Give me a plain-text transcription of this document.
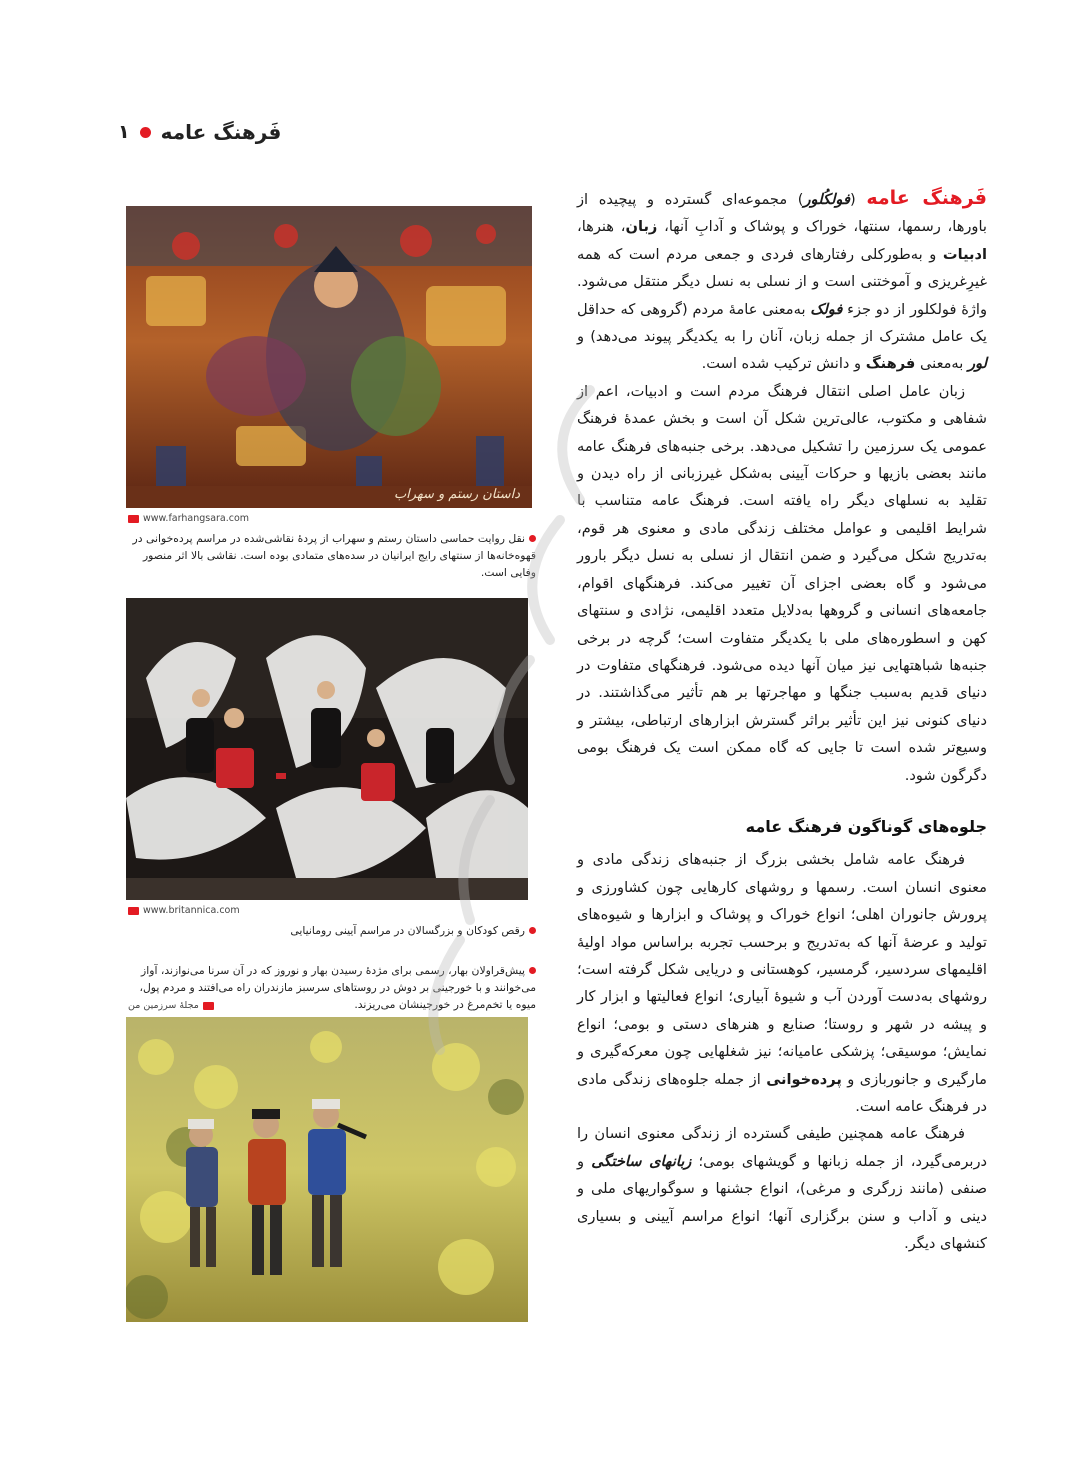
فَرهنگ عامه
۱

فَرهنگ عامه (فولکُلور) مجموعه‌ای گسترده و پیچیده از باورها، رسمها، سنتها، خوراک و پوشاک و آدابِ آنها، زبان، هنرها، ادبیات و به‌طورکلی رفتارهای فردی و جمعی مردم است که همه غیرِغریزی و آموختنی است و از نسلی به نسل دیگر منتقل می‌شود. واژهٔ فولکلور از دو جزء فولک به‌معنی عامهٔ مردم (گروهی که حداقل یک عامل مشترک از جمله زبان، آنان را به یکدیگر پیوند می‌دهد) و لور به‌معنی فرهنگ و دانش ترکیب شده است.

زبان عامل اصلی انتقال فرهنگ مردم است و ادبیات، اعم از شفاهی و مکتوب، عالی‌ترین شکل آن است و بخش عمدهٔ فرهنگ عمومی یک سرزمین را تشکیل می‌دهد. برخی جنبه‌های فرهنگ عامه مانند بعضی بازیها و حرکات آیینی به‌شکل غیرزبانی از راه دیدن و تقلید به نسلهای دیگر راه یافته است. فرهنگ عامه متناسب با شرایط اقلیمی و عوامل مختلف زندگی مادی و معنوی هر قوم، به‌تدریج شکل می‌گیرد و ضمن انتقال از نسلی به نسل دیگر بارور می‌شود و گاه بعضی اجزای آن تغییر می‌کند. فرهنگهای اقوام، جامعه‌های انسانی و گروهها به‌دلایل متعدد اقلیمی، نژادی و سنتهای کهن و اسطوره‌های ملی با یکدیگر متفاوت است؛ گرچه در برخی جنبه‌ها شباهتهایی نیز میان آنها دیده می‌شود. فرهنگهای متفاوت در دنیای قدیم به‌سبب جنگها و مهاجرتها بر هم تأثیر می‌گذاشتند. در دنیای کنونی نیز این تأثیر براثر گسترش ابزارهای ارتباطی، بیشتر و وسیع‌تر شده است تا جایی که گاه ممکن است یک فرهنگ بومی دگرگون شود.

جلوه‌های گوناگون فرهنگ عامه

فرهنگ عامه شامل بخشی بزرگ از جنبه‌های زندگی مادی و معنوی انسان است. رسمها و روشهای کارهایی چون کشاورزی و پرورش جانوران اهلی؛ انواع خوراک و پوشاک و ابزارها و شیوه‌های تولید و عرضهٔ آنها که به‌تدریج و برحسب تجربه براساس مواد اولیهٔ اقلیمهای سردسیر، گرمسیر، کوهستانی و دریایی شکل گرفته است؛ روشهای به‌دست آوردن آب و شیوهٔ آبیاری؛ انواع فعالیتها و ابزار کار و پیشه در شهر و روستا؛ صنایع و هنرهای دستی و بومی؛ انواع نمایش؛ موسیقی؛ پزشکی عامیانه؛ نیز شغلهایی چون معرکه‌گیری و مارگیری و جانوربازی و پرده‌خوانی از جمله جلوه‌های زندگی مادی در فرهنگ عامه است.

فرهنگ عامه همچنین طیفی گسترده از زندگی معنوی انسان را دربرمی‌گیرد، از جمله زبانها و گویشهای بومی؛ زبانهای ساختگی و صنفی (مانند زرگری و مرغی)، انواع جشنها و سوگواریهای ملی و دینی و آداب و سنن برگزاری آنها؛ انواع مراسم آیینی و بسیاری کنشهای دیگر.

داستان رستم و سهراب
www.farhangsara.com
نقل روایت حماسی داستان رستم و سهراب از پردهٔ نقاشی‌شده در مراسم پرده‌خوانی در قهوه‌خانه‌ها از سنتهای رایج ایرانیان در سده‌های متمادی بوده است. نقاشی بالا اثر منصور وفایی است.
www.britannica.com
رقص کودکان و بزرگسالان در مراسم آیینی رومانیایی
پیش‌قراولان بهار، رسمی برای مژدهٔ رسیدن بهار و نوروز که در آن سرنا می‌نوازند، آواز می‌خوانند و با خورجینی بر دوش در روستاهای سرسبز مازندران راه می‌افتند و مردم پول، میوه یا تخم‌مرغ در خورجینشان می‌ریزند.
مجلهٔ سرزمین من
